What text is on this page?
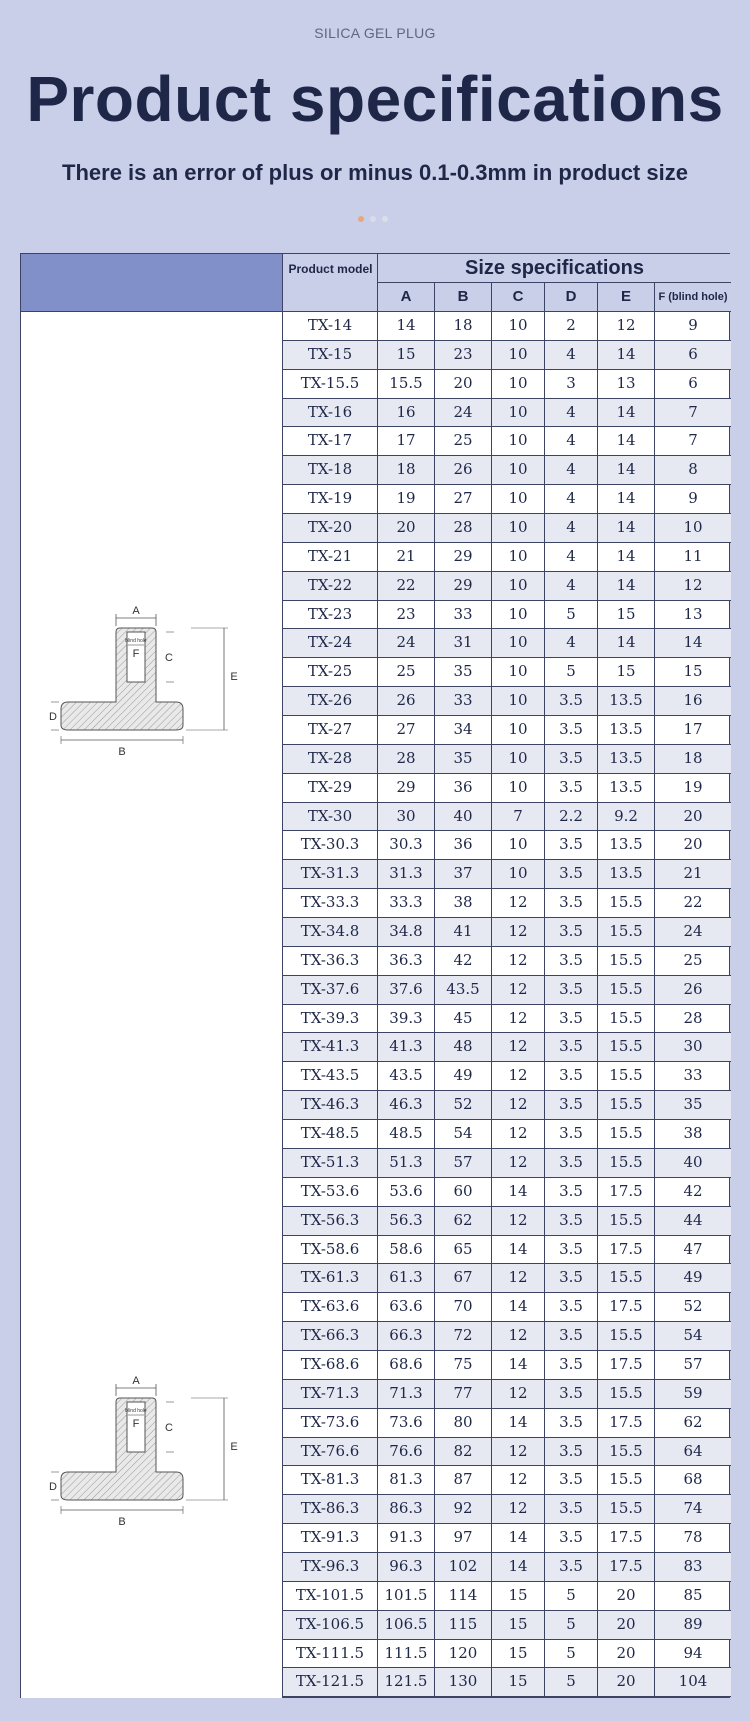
SILICA GEL PLUG
Product specifications
There is an error of plus or minus 0.1-0.3mm in product size
Product model	Size specifications
A	B	C	D	E	F (blind hole)
A
blind hole
F C
E
B
D
A
blind hole
F C
E
B
D
TX-14	14	18	10	2	12	9
TX-15	15	23	10	4	14	6
TX-15.5	15.5	20	10	3	13	6
TX-16	16	24	10	4	14	7
TX-17	17	25	10	4	14	7
TX-18	18	26	10	4	14	8
TX-19	19	27	10	4	14	9
TX-20	20	28	10	4	14	10
TX-21	21	29	10	4	14	11
TX-22	22	29	10	4	14	12
TX-23	23	33	10	5	15	13
TX-24	24	31	10	4	14	14
TX-25	25	35	10	5	15	15
TX-26	26	33	10	3.5	13.5	16
TX-27	27	34	10	3.5	13.5	17
TX-28	28	35	10	3.5	13.5	18
TX-29	29	36	10	3.5	13.5	19
TX-30	30	40	7	2.2	9.2	20
TX-30.3	30.3	36	10	3.5	13.5	20
TX-31.3	31.3	37	10	3.5	13.5	21
TX-33.3	33.3	38	12	3.5	15.5	22
TX-34.8	34.8	41	12	3.5	15.5	24
TX-36.3	36.3	42	12	3.5	15.5	25
TX-37.6	37.6	43.5	12	3.5	15.5	26
TX-39.3	39.3	45	12	3.5	15.5	28
TX-41.3	41.3	48	12	3.5	15.5	30
TX-43.5	43.5	49	12	3.5	15.5	33
TX-46.3	46.3	52	12	3.5	15.5	35
TX-48.5	48.5	54	12	3.5	15.5	38
TX-51.3	51.3	57	12	3.5	15.5	40
TX-53.6	53.6	60	14	3.5	17.5	42
TX-56.3	56.3	62	12	3.5	15.5	44
TX-58.6	58.6	65	14	3.5	17.5	47
TX-61.3	61.3	67	12	3.5	15.5	49
TX-63.6	63.6	70	14	3.5	17.5	52
TX-66.3	66.3	72	12	3.5	15.5	54
TX-68.6	68.6	75	14	3.5	17.5	57
TX-71.3	71.3	77	12	3.5	15.5	59
TX-73.6	73.6	80	14	3.5	17.5	62
TX-76.6	76.6	82	12	3.5	15.5	64
TX-81.3	81.3	87	12	3.5	15.5	68
TX-86.3	86.3	92	12	3.5	15.5	74
TX-91.3	91.3	97	14	3.5	17.5	78
TX-96.3	96.3	102	14	3.5	17.5	83
TX-101.5	101.5	114	15	5	20	85
TX-106.5	106.5	115	15	5	20	89
TX-111.5	111.5	120	15	5	20	94
TX-121.5	121.5	130	15	5	20	104
